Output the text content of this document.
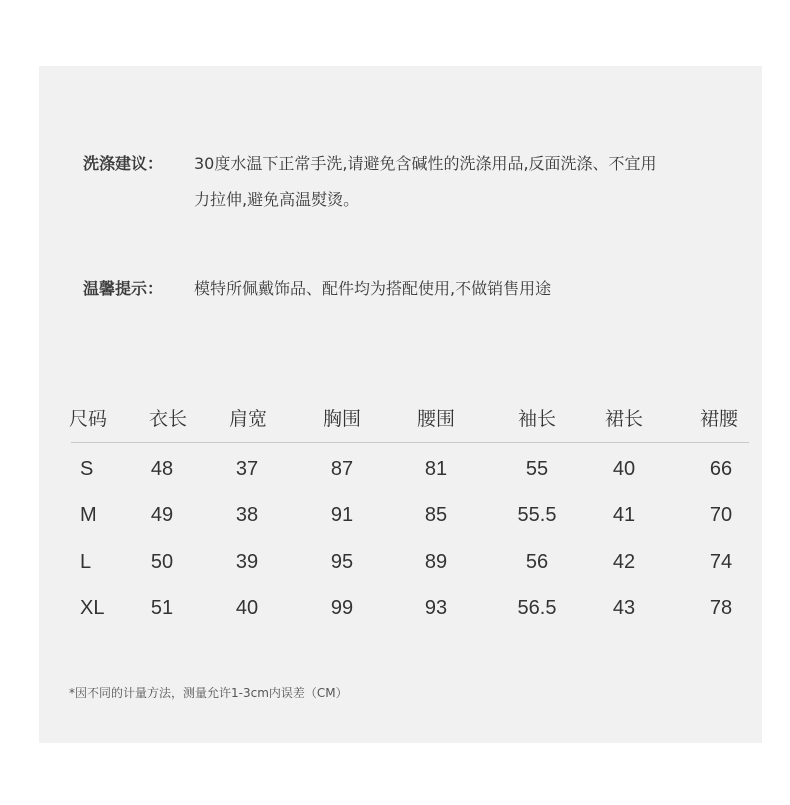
洗涤建议： 30度水温下正常手洗,请避免含碱性的洗涤用品,反面洗涤、不宜用
力拉伸,避免高温熨烫。
温馨提示： 模特所佩戴饰品、配件均为搭配使用,不做销售用途
尺码 衣长 肩宽	胸围	腰围	袖长	裙长	裙腰
S	48	37	87	81	55	40	66
M	49	38	91	85	55.5	41	70
L	50	39	95	89	56	42	74
XL 51	40	99	93	56.5	43	78
*因不同的计量方法，测量允许1-3cm内误差（CM）
